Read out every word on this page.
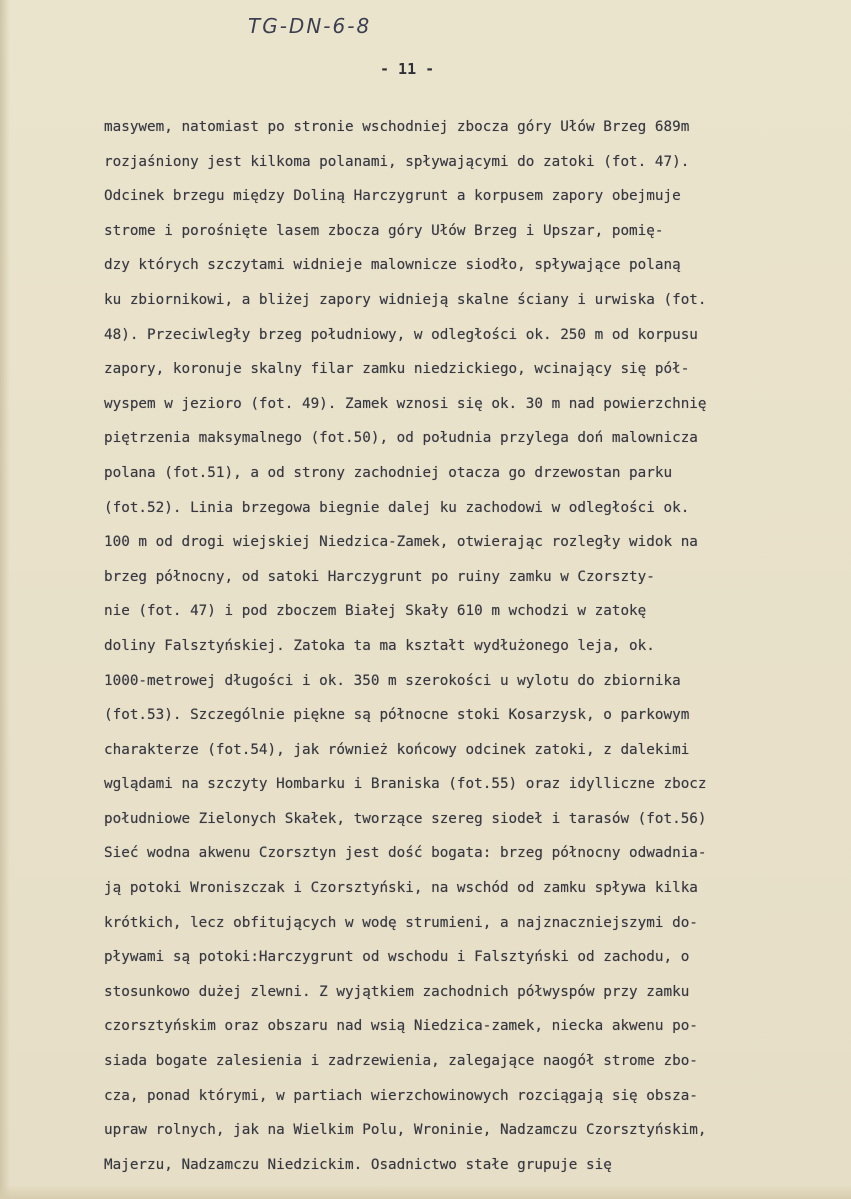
TG-DN-6-8
- 11 -
masywem, natomiast po stronie wschodniej zbocza góry Ułów Brzeg 689m
rozjaśniony jest kilkoma polanami, spływającymi do zatoki (fot. 47).
Odcinek brzegu między Doliną Harczygrunt a korpusem zapory obejmuje
strome i porośnięte lasem zbocza góry Ułów Brzeg i Upszar, pomię-
dzy których szczytami widnieje malownicze siodło, spływające polaną
ku zbiornikowi, a bliżej zapory widnieją skalne ściany i urwiska (fot.
48). Przeciwległy brzeg południowy, w odległości ok. 250 m od korpusu
zapory, koronuje skalny filar zamku niedzickiego, wcinający się pół-
wyspem w jezioro (fot. 49). Zamek wznosi się ok. 30 m nad powierzchnię
piętrzenia maksymalnego (fot.50), od południa przylega doń malownicza
polana (fot.51), a od strony zachodniej otacza go drzewostan parku
(fot.52). Linia brzegowa biegnie dalej ku zachodowi w odległości ok.
100 m od drogi wiejskiej Niedzica-Zamek, otwierając rozległy widok na
brzeg północny, od satoki Harczygrunt po ruiny zamku w Czorszty-
nie (fot. 47) i pod zboczem Białej Skały 610 m wchodzi w zatokę
doliny Falsztyńskiej. Zatoka ta ma kształt wydłużonego leja, ok.
1000-metrowej długości i ok. 350 m szerokości u wylotu do zbiornika
(fot.53). Szczególnie piękne są północne stoki Kosarzysk, o parkowym
charakterze (fot.54), jak również końcowy odcinek zatoki, z dalekimi
wglądami na szczyty Hombarku i Braniska (fot.55) oraz idylliczne zbocz
południowe Zielonych Skałek, tworzące szereg siodeł i tarasów (fot.56)
Sieć wodna akwenu Czorsztyn jest dość bogata: brzeg północny odwadnia-
ją potoki Wroniszczak i Czorsztyński, na wschód od zamku spływa kilka
krótkich, lecz obfitujących w wodę strumieni, a najznaczniejszymi do-
pływami są potoki:Harczygrunt od wschodu i Falsztyński od zachodu, o
stosunkowo dużej zlewni. Z wyjątkiem zachodnich półwyspów przy zamku
czorsztyńskim oraz obszaru nad wsią Niedzica-zamek, niecka akwenu po-
siada bogate zalesienia i zadrzewienia, zalegające naogół strome zbo-
cza, ponad którymi, w partiach wierzchowinowych rozciągają się obsza-
upraw rolnych, jak na Wielkim Polu, Wroninie, Nadzamczu Czorsztyńskim,
Majerzu, Nadzamczu Niedzickim. Osadnictwo stałe grupuje się
